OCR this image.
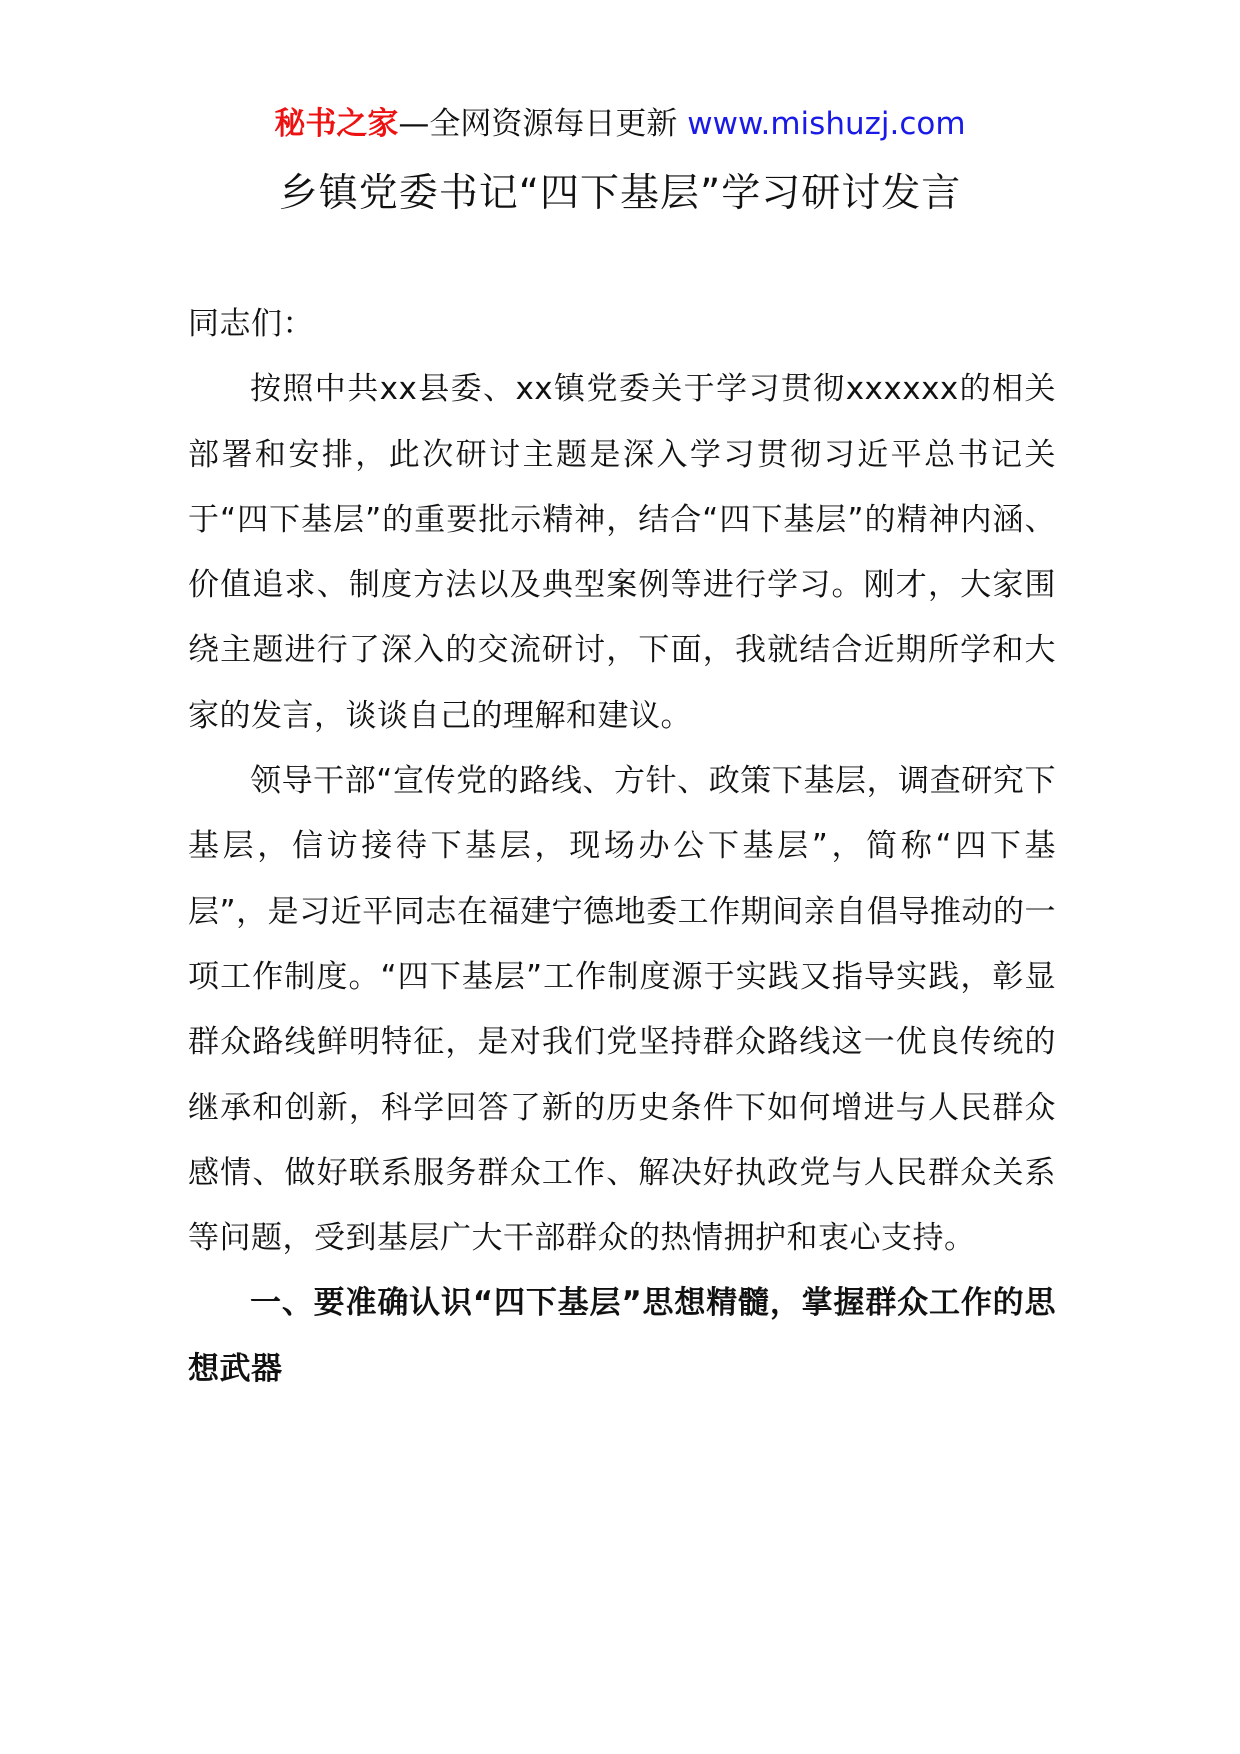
秘书之家—全网资源每日更新 www.mishuzj.com
乡镇党委书记“四下基层”学习研讨发言

同志们：

按照中共xx县委、xx镇党委关于学习贯彻xxxxxx的相关部署和安排，此次研讨主题是深入学习贯彻习近平总书记关于“四下基层”的重要批示精神，结合“四下基层”的精神内涵、价值追求、制度方法以及典型案例等进行学习。刚才，大家围绕主题进行了深入的交流研讨，下面，我就结合近期所学和大家的发言，谈谈自己的理解和建议。

领导干部“宣传党的路线、方针、政策下基层，调查研究下基层，信访接待下基层，现场办公下基层”，简称“四下基层”，是习近平同志在福建宁德地委工作期间亲自倡导推动的一项工作制度。“四下基层”工作制度源于实践又指导实践，彰显群众路线鲜明特征，是对我们党坚持群众路线这一优良传统的继承和创新，科学回答了新的历史条件下如何增进与人民群众感情、做好联系服务群众工作、解决好执政党与人民群众关系等问题，受到基层广大干部群众的热情拥护和衷心支持。

一、要准确认识“四下基层”思想精髓，掌握群众工作的思想武器
